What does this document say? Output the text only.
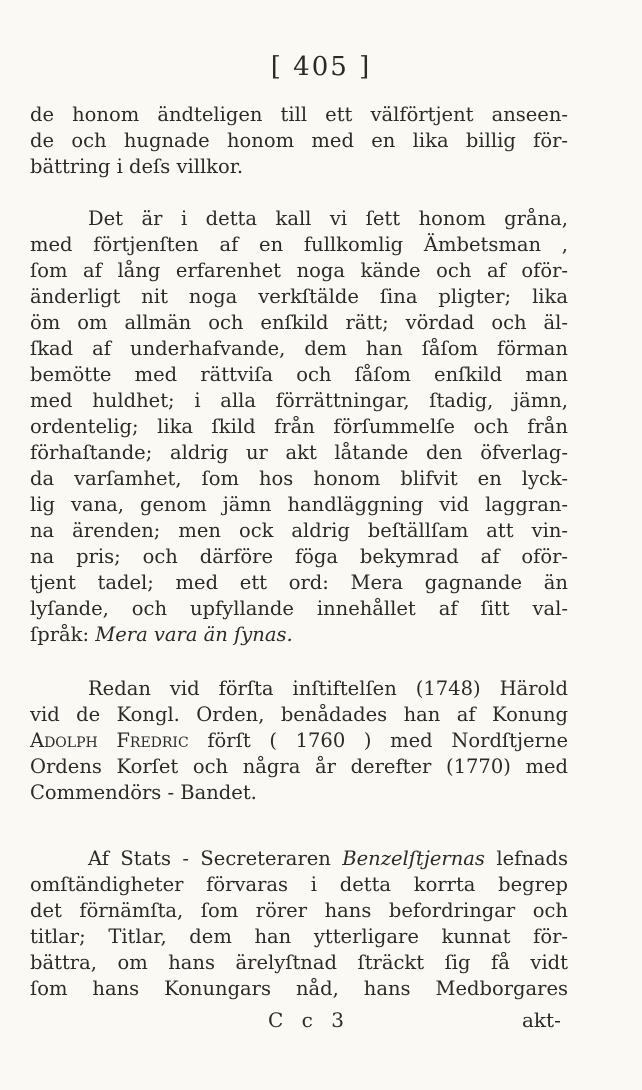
[ 405 ]
de honom ändteligen till ett välförtjent anseen-
de och hugnade honom med en lika billig för-
bättring i deſs villkor.
Det är i detta kall vi ſett honom gråna,
med förtjenſten af en fullkomlig Ämbetsman ,
ſom af lång erfarenhet noga kände och af oför-
änderligt nit noga verkſtälde ſina pligter; lika
öm om allmän och enſkild rätt; vördad och äl-
ſkad af underhafvande, dem han ſåſom förman
bemötte med rättviſa och ſåſom enſkild man
med huldhet; i alla förrättningar, ſtadig, jämn,
ordentelig; lika ſkild från förſummelſe och från
förhaſtande; aldrig ur akt låtande den öfverlag-
da varſamhet, ſom hos honom blifvit en lyck-
lig vana, genom jämn handläggning vid laggran-
na ärenden; men ock aldrig beſtällſam att vin-
na pris; och därföre föga bekymrad af oför-
tjent tadel; med ett ord: Mera gagnande än
lyſande, och upfyllande innehållet af ſitt val-
ſpråk: Mera vara än ſynas.
Redan vid förſta inſtiftelſen (1748) Härold
vid de Kongl. Orden, benådades han af Konung
Adolph Fredric förſt ( 1760 ) med Nordſtjerne
Ordens Korſet och några år derefter (1770) med
Commendörs - Bandet.
Af Stats - Secreteraren Benzelſtjernas lefnads
omſtändigheter förvaras i detta korrta begrep
det förnämſta, ſom rörer hans befordringar och
titlar; Titlar, dem han ytterligare kunnat för-
bättra, om hans ärelyſtnad ſträckt ſig få vidt
ſom hans Konungars nåd, hans Medborgares
C c 3	akt-
